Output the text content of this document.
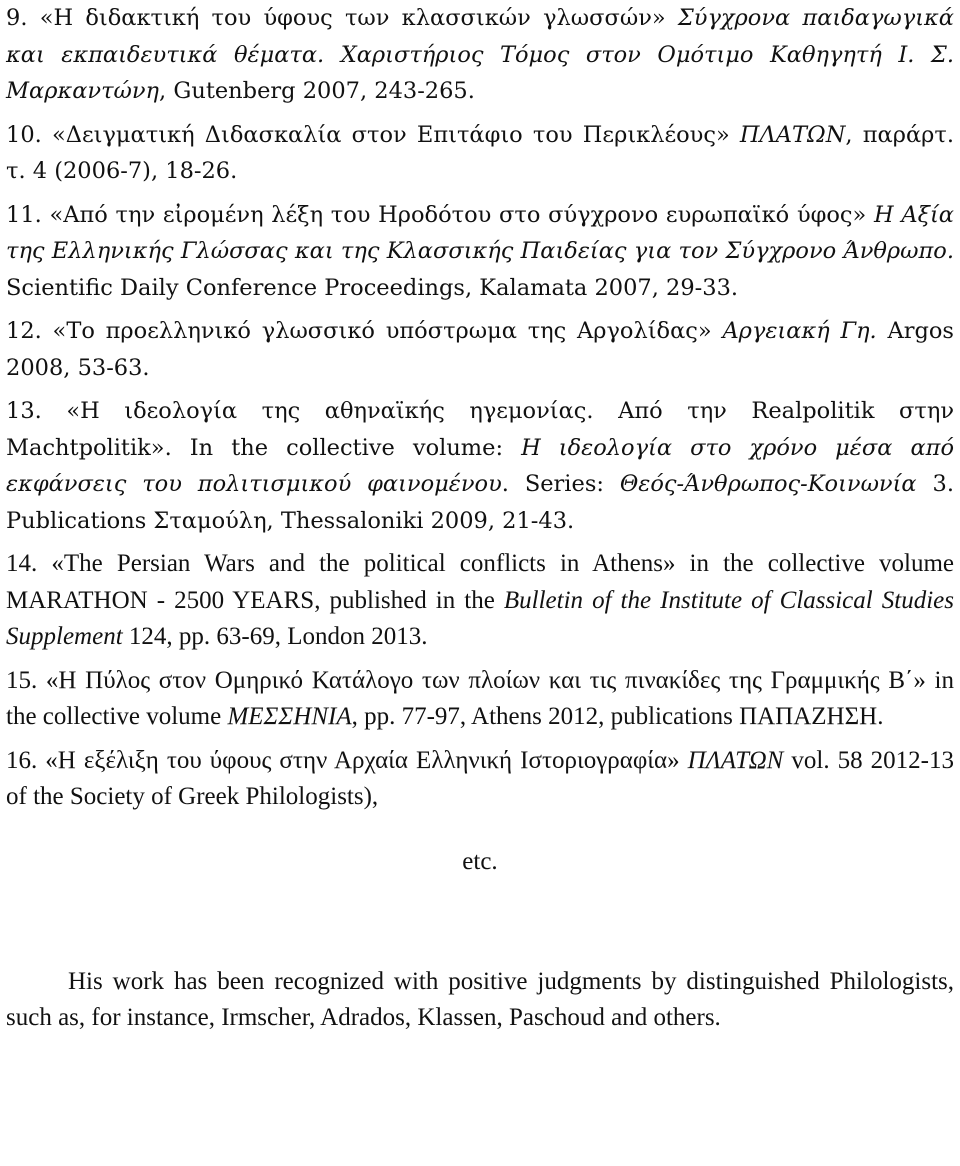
9. «Η διδακτική του ύφους των κλασσικών γλωσσών» Σύγχρονα παιδαγωγικά και εκπαιδευτικά θέματα. Χαριστήριος Τόμος στον Ομότιμο Καθηγητή Ι. Σ. Μαρκαντώνη, Gutenberg 2007, 243-265.

10. «Δειγματική Διδασκαλία στον Επιτάφιο του Περικλέους» ΠΛΑΤΩΝ, παράρτ. τ. 4 (2006-7), 18-26.

11. «Από την εἰρομένη λέξη του Ηροδότου στο σύγχρονο ευρωπαϊκό ύφος» Η Αξία της Ελληνικής Γλώσσας και της Κλασσικής Παιδείας για τον Σύγχρονο Άνθρωπο. Scientific Daily Conference Proceedings, Kalamata 2007, 29-33.

12. «Το προελληνικό γλωσσικό υπόστρωμα της Αργολίδας» Αργειακή Γη. Argos 2008, 53-63.

13. «Η ιδεολογία της αθηναϊκής ηγεμονίας. Από την Realpolitik στην Machtpolitik». In the collective volume: Η ιδεολογία στο χρόνο μέσα από εκφάνσεις του πολιτισμικού φαινομένου. Series: Θεός-Άνθρωπος-Κοινωνία 3. Publications Σταμούλη, Thessaloniki 2009, 21-43.

14. «The Persian Wars and the political conflicts in Athens» in the collective volume MARATHON - 2500 YEARS, published in the Bulletin of the Institute of Classical Studies Supplement 124, pp. 63-69, London 2013.

15. «Η Πύλος στον Ομηρικό Κατάλογο των πλοίων και τις πινακίδες της Γραμμικής Β΄» in the collective volume ΜΕΣΣΗΝΙΑ, pp. 77-97, Athens 2012, publications ΠΑΠΑΖΗΣΗ.

16. «Η εξέλιξη του ύφους στην Αρχαία Ελληνική Ιστοριογραφία» ΠΛΑΤΩΝ vol. 58 2012-13 of the Society of Greek Philologists),

etc.

His work has been recognized with positive judgments by distinguished Philologists, such as, for instance, Irmscher, Adrados, Klassen, Paschoud and others.
